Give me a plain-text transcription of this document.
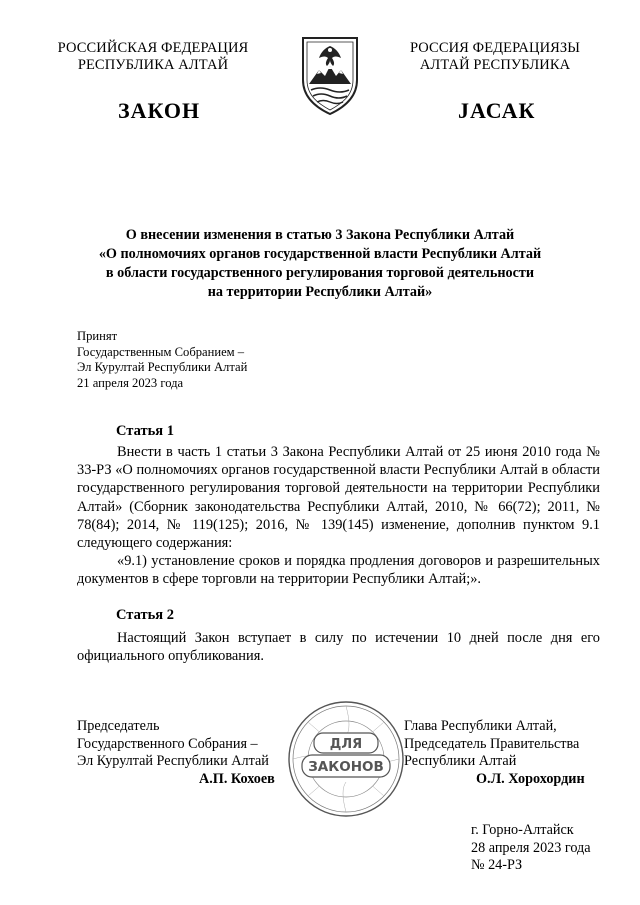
РОССИЙСКАЯ ФЕДЕРАЦИЯ
РЕСПУБЛИКА АЛТАЙ
РОССИЯ ФЕДЕРАЦИЯЗЫ
АЛТАЙ РЕСПУБЛИКА
ЗАКОН	JАСАК
О внесении изменения в статью 3 Закона Республики Алтай
«О полномочиях органов государственной власти Республики Алтай
в области государственного регулирования торговой деятельности
на территории Республики Алтай»
Принят
Государственным Собранием –
Эл Курултай Республики Алтай
21 апреля 2023 года
Статья 1

Внести в часть 1 статьи 3 Закона Республики Алтай от 25 июня 2010 года № 33-РЗ «О полномочиях органов государственной власти Республики Алтай в области государственного регулирования торговой деятельности на территории Республики Алтай» (Сборник законодательства Республики Алтай, 2010, № 66(72); 2011, № 78(84); 2014, № 119(125); 2016, № 139(145) изменение, дополнив пунктом 9.1 следующего содержания:

«9.1) установление сроков и порядка продления договоров и разрешительных документов в сфере торговли на территории Республики Алтай;».

Статья 2

Настоящий Закон вступает в силу по истечении 10 дней после дня его официального опубликования.

Председатель
Государственного Собрания –
Эл Курултай Республики Алтай
А.П. Кохоев
Глава Республики Алтай,
Председатель Правительства
Республики Алтай
О.Л. Хорохордин
ДЛЯ
ЗАКОНОВ
г. Горно-Алтайск
28 апреля 2023 года
№ 24-РЗ
